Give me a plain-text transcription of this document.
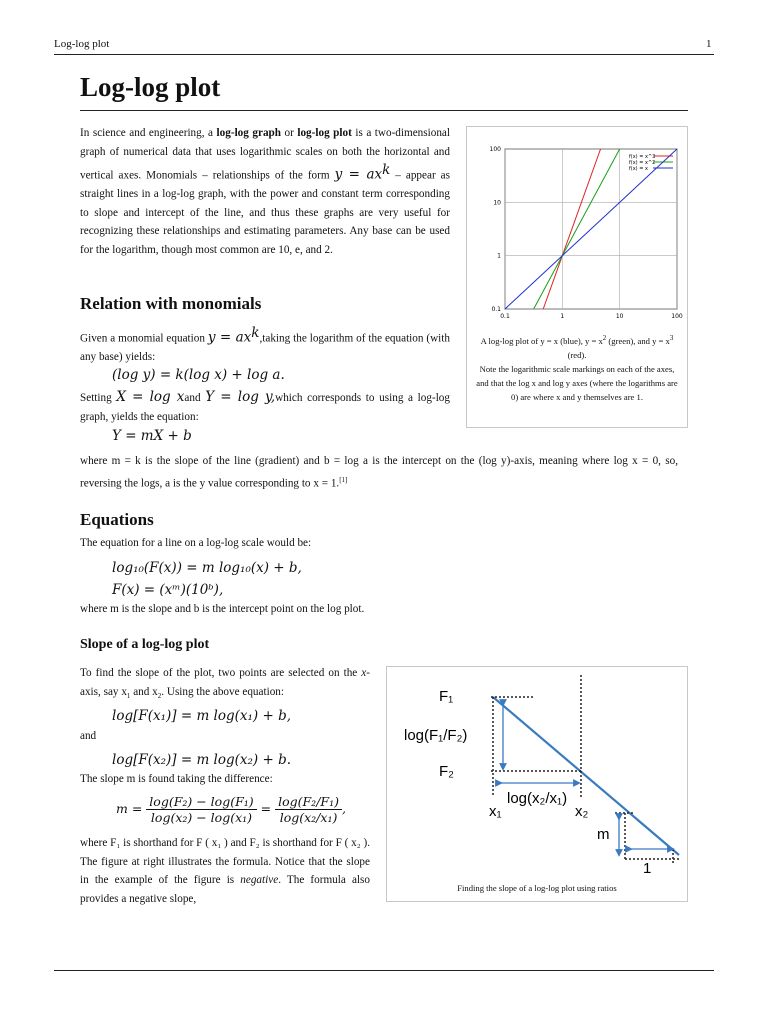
Log-log plot	1
Log-log plot
In science and engineering, a log-log graph or log-log plot is a two-dimensional graph of numerical data that uses logarithmic scales on both the horizontal and vertical axes. Monomials – relationships of the form $y = ax^k$ – appear as straight lines in a log-log graph, with the power and constant term corresponding to slope and intercept of the line, and thus these graphs are very useful for recognizing these relationships and estimating parameters. Any base can be used for the logarithm, though most common are 10, e, and 2.
0.1	1	10	100
0.1
1
10
100
f(x) = x^3
f(x) = x^2
f(x) = x
A log-log plot of y = x (blue), $y = x^2$ (green), and $y = x^3$ (red).
Note the logarithmic scale markings on each of the axes, and that the log x and log y axes (where the logarithms are 0) are where x and y themselves are 1.
Relation with monomials
Given a monomial equation $y = ax^k,taking$ the logarithm of the equation (with any base) yields:
(log y) = k(log x) + log a.
Setting X = log xand Y = log y,which corresponds to using a log-log graph, yields the equation:
Y = mX + b
where m = k is the slope of the line (gradient) and b = log a is the intercept on the (log y)-axis, meaning where log x = 0, so, reversing the logs, a is the y value corresponding to x = 1.[1]
Equations
The equation for a line on a log-log scale would be:
log₁₀(F(x)) = m log₁₀(x) + b,
F(x) = (xᵐ)(10ᵇ),
where m is the slope and b is the intercept point on the log plot.
Slope of a log-log plot
To find the slope of the plot, two points are selected on the x-axis, say $x_1$ and $x_2$. Using the above equation:
log[F(x₁)] = m log(x₁) + b,
and
log[F(x₂)] = m log(x₂) + b.
The slope m is found taking the difference:
$m = \frac{\text{log(F₂) − log(F₁)}}{\text{log(x₂) − log(x₁)}} = \frac{\text{log(F₂/F₁)}}{\text{log(x₂/x₁)}}$ ,
where F₁ is shorthand for F ( x₁ ) and F₂ is shorthand for F ( x₂ ). The figure at right illustrates the formula. Notice that the slope in the example of the figure is negative. The formula also provides a negative slope,
F₁
F₂
log(F₁/F₂)
log(x₂/x₁)
x₁	x₂
m
1
Finding the slope of a log-log plot using ratios
